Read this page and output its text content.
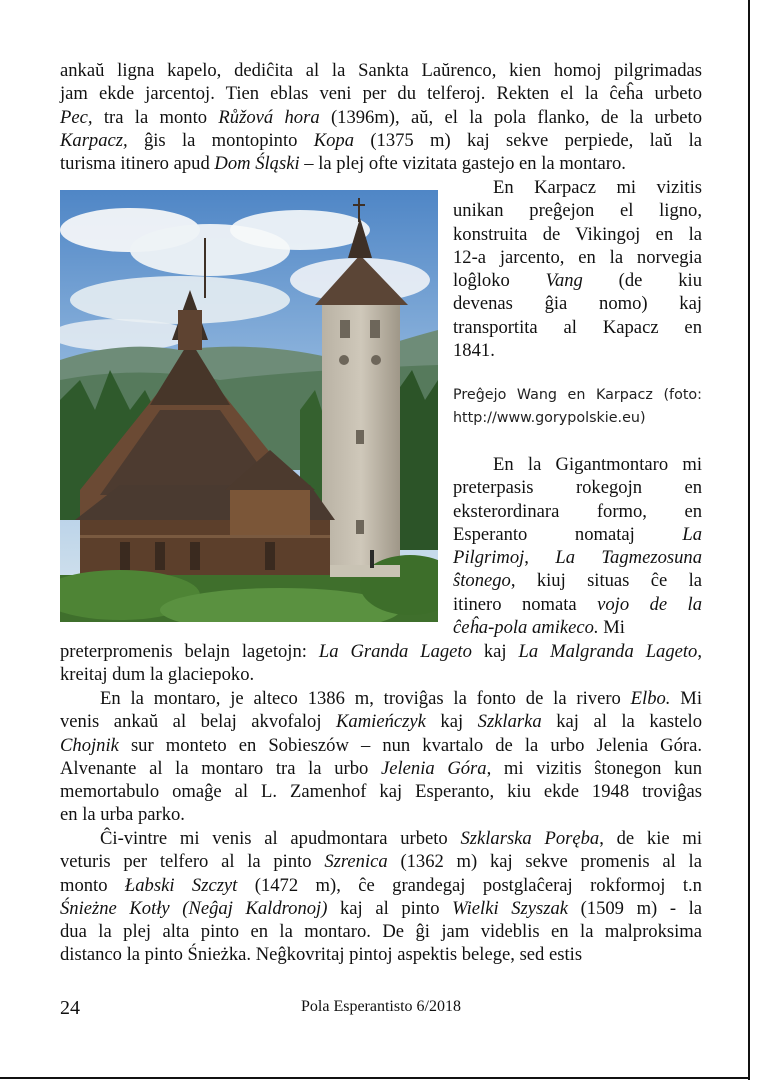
ankaŭ ligna kapelo, dediĉita al la Sankta Laŭrenco, kien homoj pilgrimadas
jam ekde jarcentoj. Tien eblas veni per du telferoj. Rekten el la ĉeĥa urbeto
Pec, tra la monto Růžová hora (1396m), aŭ, el la pola flanko, de la urbeto
Karpacz, ĝis la montopinto Kopa (1375 m) kaj sekve perpiede, laŭ la
turisma itinero apud Dom Śląski – la plej ofte vizitata gastejo en la montaro.

En Karpacz mi vizitis
unikan preĝejon el ligno,
konstruita de Vikingoj en la
12-a jarcento, en la norvegia
loĝloko Vang (de kiu
devenas ĝia nomo) kaj
transportita al Kapacz en
1841.

Preĝejo Wang en Karpacz (foto:
http://www.gorypolskie.eu)

En la Gigantmontaro mi
preterpasis rokegojn en
eksterordinara formo, en
Esperanto nomataj La
Pilgrimoj, La Tagmezosuna
ŝtonego, kiuj situas ĉe la
itinero nomata vojo de la
ĉeĥa-pola amikeco. Mi

preterpromenis belajn lagetojn: La Granda Lageto kaj La Malgranda Lageto,
kreitaj dum la glaciepoko.

En la montaro, je alteco 1386 m, troviĝas la fonto de la rivero Elbo. Mi
venis ankaŭ al belaj akvofaloj Kamieńczyk kaj Szklarka kaj al la kastelo
Chojnik sur monteto en Sobieszów – nun kvartalo de la urbo Jelenia Góra.
Alvenante al la montaro tra la urbo Jelenia Góra, mi vizitis ŝtonegon kun
memortabulo omaĝe al L. Zamenhof kaj Esperanto, kiu ekde 1948 troviĝas
en la urba parko.

Ĉi-vintre mi venis al apudmontara urbeto Szklarska Poręba, de kie mi
veturis per telfero al la pinto Szrenica (1362 m) kaj sekve promenis al la
monto Łabski Szczyt (1472 m), ĉe grandegaj postglaĉeraj rokformoj t.n
Śnieżne Kotły (Neĝaj Kaldronoj) kaj al pinto Wielki Szyszak (1509 m) - la
dua la plej alta pinto en la montaro. De ĝi jam videblis en la malproksima
distanco la pinto Śnieżka. Neĝkovritaj pintoj aspektis belege, sed estis

24	Pola Esperantisto 6/2018
